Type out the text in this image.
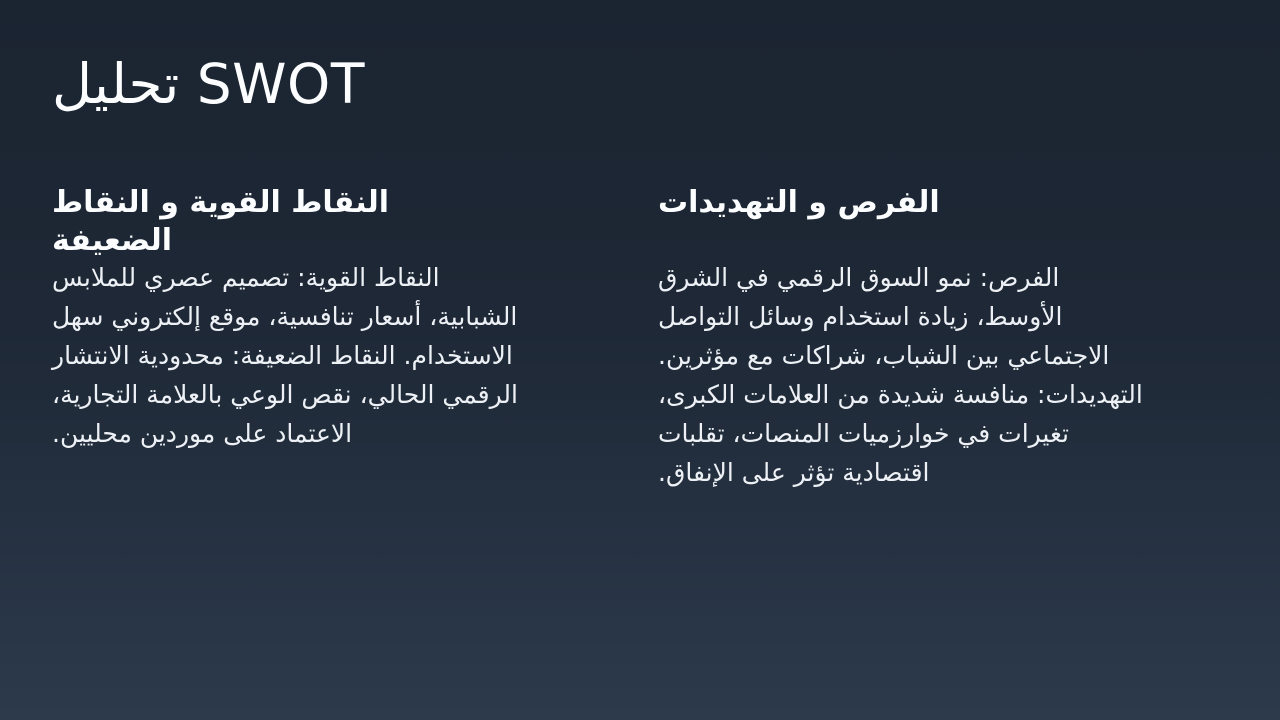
تحليل SWOT
النقاط القوية و النقاط الضعيفة

النقاط القوية: تصميم عصري للملابس الشبابية، أسعار تنافسية، موقع إلكتروني سهل الاستخدام. النقاط الضعيفة: محدودية الانتشار الرقمي الحالي، نقص الوعي بالعلامة التجارية، الاعتماد على موردين محليين.

الفرص و التهديدات

الفرص: نمو السوق الرقمي في الشرق الأوسط، زيادة استخدام وسائل التواصل الاجتماعي بين الشباب، شراكات مع مؤثرين. التهديدات: منافسة شديدة من العلامات الكبرى، تغيرات في خوارزميات المنصات، تقلبات اقتصادية تؤثر على الإنفاق.
